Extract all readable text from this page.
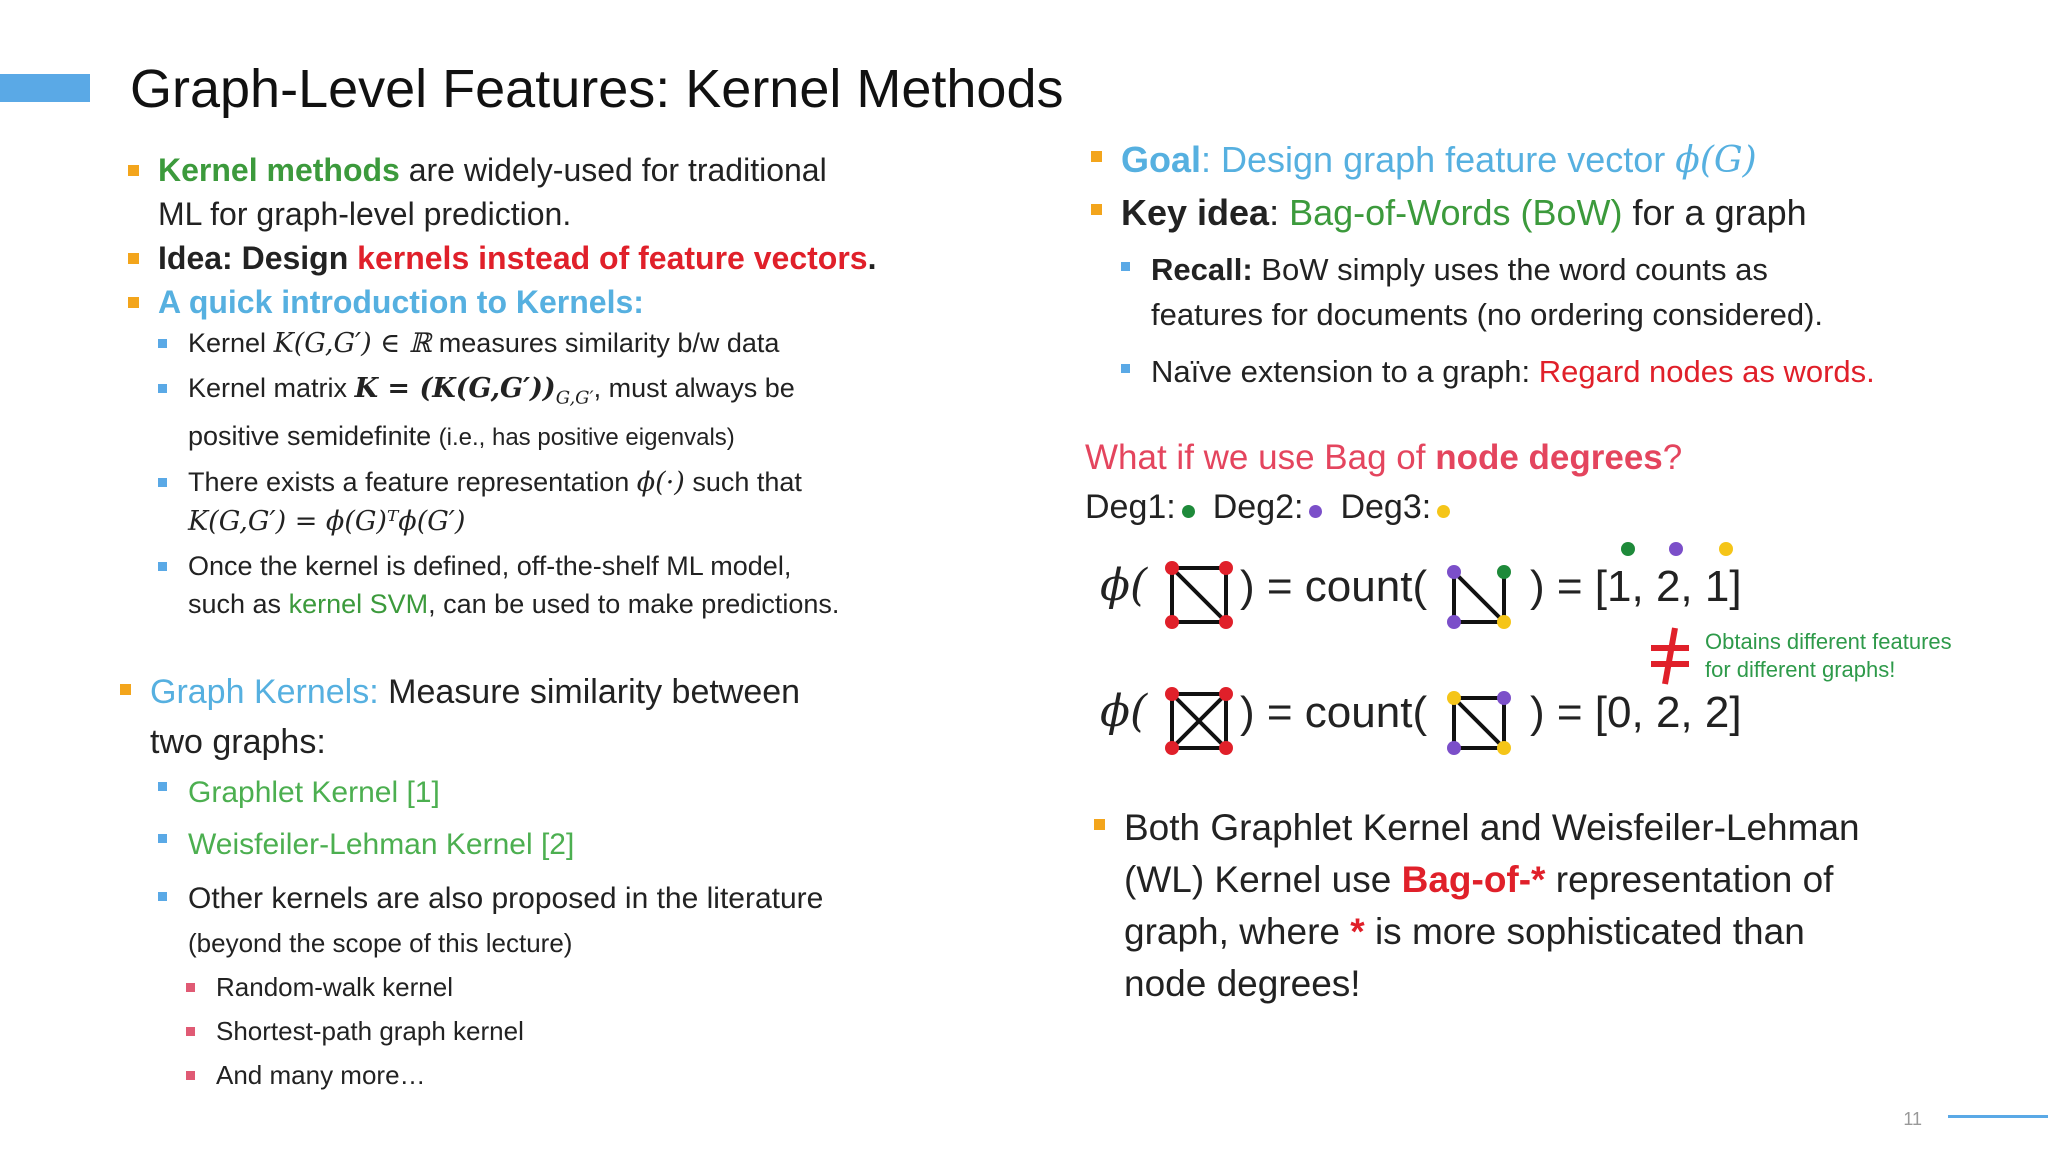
Graph-Level Features: Kernel Methods
Kernel methods are widely-used for traditional
ML for graph-level prediction.
Idea: Design kernels instead of feature vectors.
A quick introduction to Kernels:
Kernel K(G,G′) ∈ ℝ measures similarity b/w data
Kernel matrix $K = (K(G,G'))_{G,G'}$, must always be
positive semidefinite (i.e., has positive eigenvals)
There exists a feature representation ϕ(·) such that
K(G,G′) = ϕ(G)ᵀϕ(G′)
Once the kernel is defined, off-the-shelf ML model,
such as kernel SVM, can be used to make predictions.
Graph Kernels: Measure similarity between
two graphs:
Graphlet Kernel [1]
Weisfeiler-Lehman Kernel [2]
Other kernels are also proposed in the literature
(beyond the scope of this lecture)
Random-walk kernel
Shortest-path graph kernel
And many more…
Goal: Design graph feature vector ϕ(G)
Key idea: Bag-of-Words (BoW) for a graph
Recall: BoW simply uses the word counts as
features for documents (no ordering considered).
Naïve extension to a graph: Regard nodes as words.
What if we use Bag of node degrees?
Deg1:	Deg2:	Deg3:
ϕ( ) = count( ) = [1, 2, 1]
Obtains different features
for different graphs!
ϕ( ) = count( ) = [0, 2, 2]
Both Graphlet Kernel and Weisfeiler-Lehman
(WL) Kernel use Bag-of-* representation of
graph, where * is more sophisticated than
node degrees!
11
